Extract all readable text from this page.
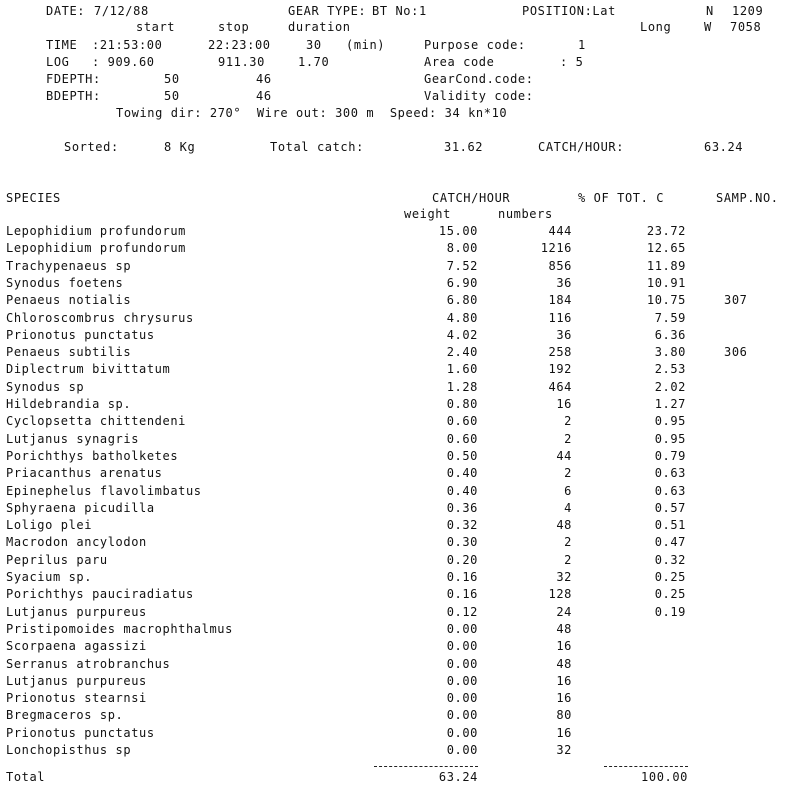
DATE: 7/12/88	GEAR TYPE: BT No:1	POSITION:Lat	N 1209
start	stop	duration	Long	W 7058
TIME :21:53:00	22:23:00	30 (min)	Purpose code:	1
LOG : 909.60	911.30	1.70	Area code	: 5
FDEPTH:	50	46	GearCond.code:
BDEPTH:	50	46	Validity code:
Towing dir: 270°  Wire out: 300 m  Speed: 34 kn*10
Sorted:	8 Kg	Total catch:	31.62	CATCH/HOUR:	63.24
SPECIES	CATCH/HOUR	% OF TOT. C	SAMP.NO.
weight	numbers
Lepophidium profundorum	15.00	444	23.72
Lepophidium profundorum	8.00	1216	12.65
Trachypenaeus sp	7.52	856	11.89
Synodus foetens	6.90	36	10.91
Penaeus notialis	6.80	184	10.75	307
Chloroscombrus chrysurus	4.80	116	7.59
Prionotus punctatus	4.02	36	6.36
Penaeus subtilis	2.40	258	3.80	306
Diplectrum bivittatum	1.60	192	2.53
Synodus sp	1.28	464	2.02
Hildebrandia sp.	0.80	16	1.27
Cyclopsetta chittendeni	0.60	2	0.95
Lutjanus synagris	0.60	2	0.95
Porichthys batholketes	0.50	44	0.79
Priacanthus arenatus	0.40	2	0.63
Epinephelus flavolimbatus	0.40	6	0.63
Sphyraena picudilla	0.36	4	0.57
Loligo plei	0.32	48	0.51
Macrodon ancylodon	0.30	2	0.47
Peprilus paru	0.20	2	0.32
Syacium sp.	0.16	32	0.25
Porichthys pauciradiatus	0.16	128	0.25
Lutjanus purpureus	0.12	24	0.19
Pristipomoides macrophthalmus	0.00	48
Scorpaena agassizi	0.00	16
Serranus atrobranchus	0.00	48
Lutjanus purpureus	0.00	16
Prionotus stearnsi	0.00	16
Bregmaceros sp.	0.00	80
Prionotus punctatus	0.00	16
Lonchopisthus sp	0.00	32
Total	63.24	100.00
